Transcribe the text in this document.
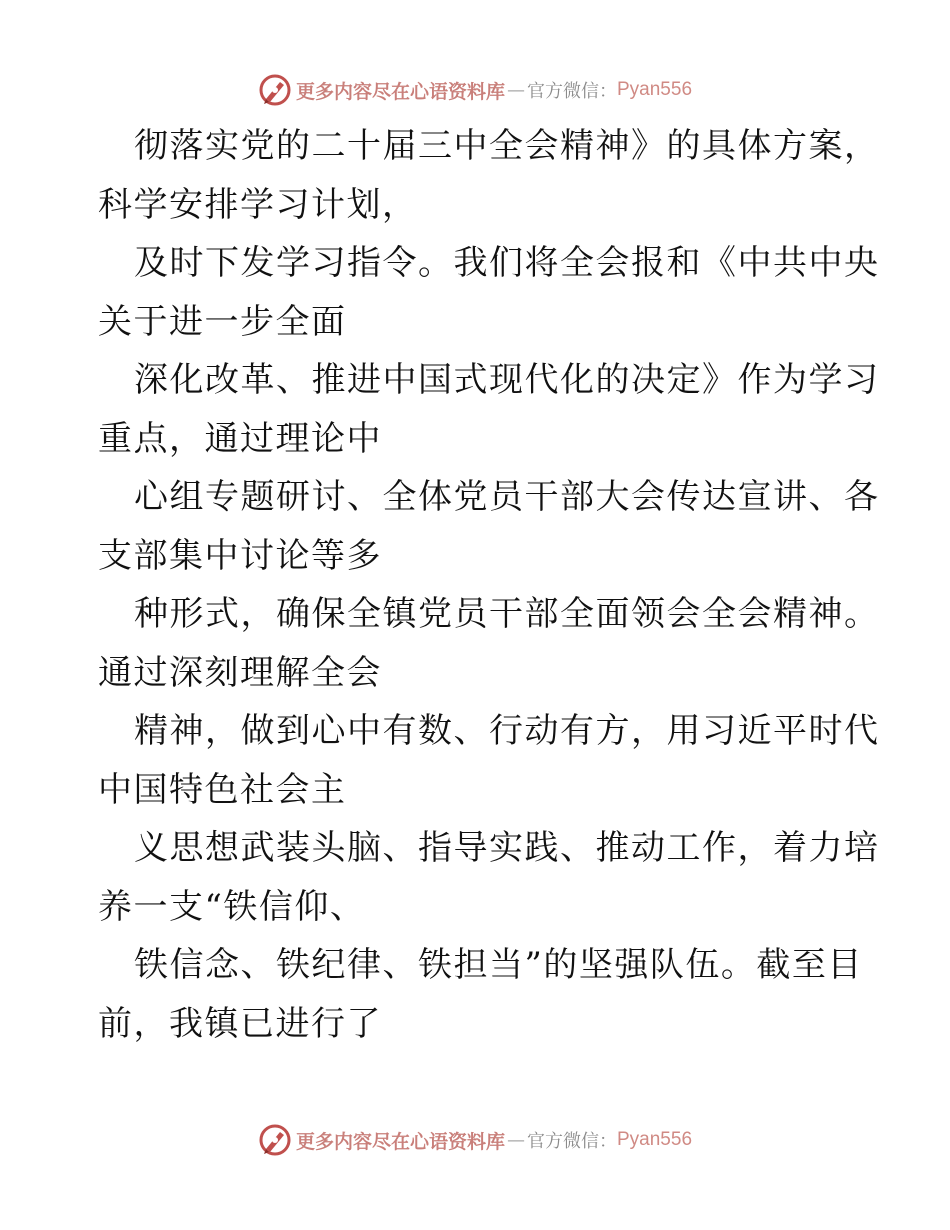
更多内容尽在心语资料库 — 官方微信： Pyan556
彻落实党的二十届三中全会精神》的具体方案，
科学安排学习计划，
及时下发学习指令。我们将全会报和《中共中央
关于进一步全面
深化改革、推进中国式现代化的决定》作为学习
重点，通过理论中
心组专题研讨、全体党员干部大会传达宣讲、各
支部集中讨论等多
种形式，确保全镇党员干部全面领会全会精神。
通过深刻理解全会
精神，做到心中有数、行动有方，用习近平时代
中国特色社会主
义思想武装头脑、指导实践、推动工作，着力培
养一支“铁信仰、
铁信念、铁纪律、铁担当”的坚强队伍。截至目
前，我镇已进行了
更多内容尽在心语资料库 — 官方微信： Pyan556
